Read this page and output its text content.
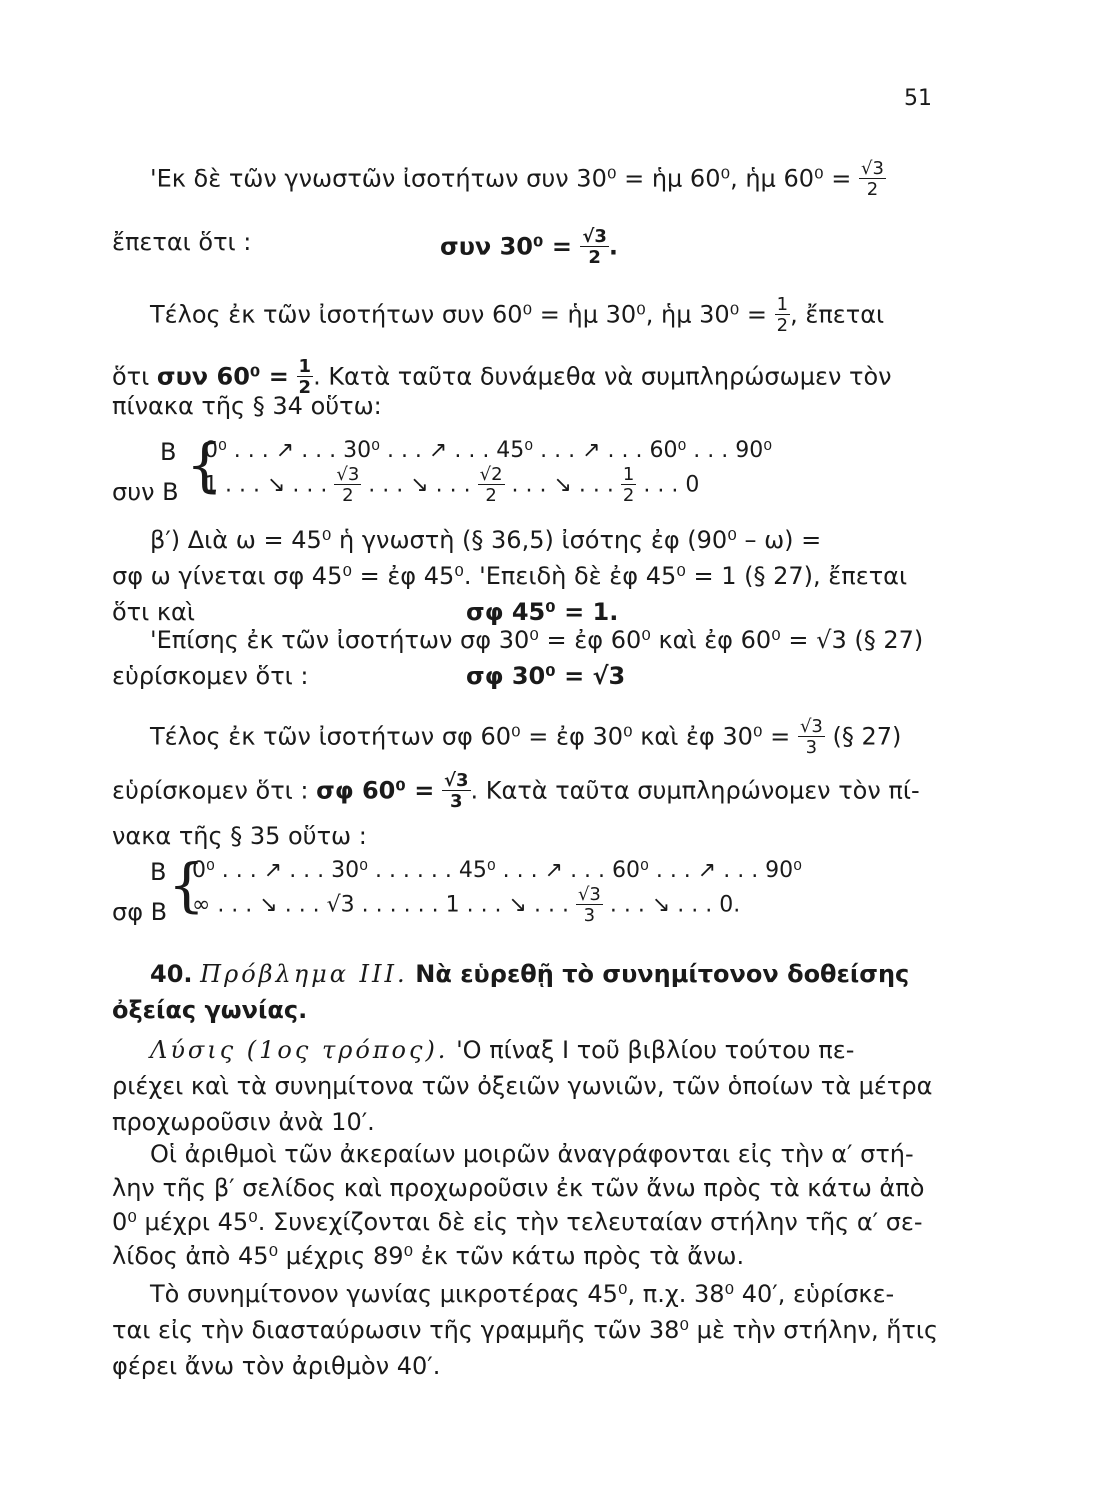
51
'Εκ δὲ τῶν γνωστῶν ἰσοτήτων συν 30⁰ = ἡμ 60⁰, ἡμ $60^0 = \frac{√3}{2}$
ἔπεται ὅτι :	συν $30^0 = \frac{√3}{2}$ .
Τέλος ἐκ τῶν ἰσοτήτων συν 60⁰ = ἡμ 30⁰, ἡμ $30^0 = \frac{1}{2}$ , ἔπεται
ὅτι συν $60^0 = \frac{1}{2}$ . Κατὰ ταῦτα δυνάμεθα νὰ συμπληρώσωμεν τὸν
πίνακα τῆς § 34 οὕτω:
{
B 0⁰ . . . ↗ . . . 30⁰ . . . ↗ . . . 45⁰ . . . ↗ . . . 60⁰ . . . 90⁰
συν B 1 . . . ↘ . . . $\frac{√3}{2}$ . . . ↘ . . . $\frac{√2}{2}$ . . . ↘ . . . $\frac{1}{2}$ . . . 0
β′) Διὰ ω = 45⁰ ἡ γνωστὴ (§ 36,5) ἰσότης ἐφ (90⁰ – ω) =
σφ ω γίνεται σφ 45⁰ = ἐφ 45⁰. 'Επειδὴ δὲ ἐφ 45⁰ = 1 (§ 27), ἔπεται
ὅτι καὶ	σφ 45⁰ = 1.
'Επίσης ἐκ τῶν ἰσοτήτων σφ 30⁰ = ἐφ 60⁰ καὶ ἐφ 60⁰ = √3 (§ 27)
εὑρίσκομεν ὅτι :	σφ 30⁰ = √3
Τέλος ἐκ τῶν ἰσοτήτων σφ 60⁰ = ἐφ 30⁰ καὶ ἐφ $30^0 = \frac{√3}{3}$ (§ 27)
εὑρίσκομεν ὅτι : σφ $60^0 = \frac{√3}{3}$ . Κατὰ ταῦτα συμπληρώνομεν τὸν πί-
νακα τῆς § 35 οὕτω :
{
B 0⁰ . . . ↗ . . . 30⁰ . . . . . . 45⁰ . . . ↗ . . . 60⁰ . . . ↗ . . . 90⁰
σφ B ∞ . . . ↘ . . . √3 . . . . . . 1 . . . ↘ . . . $\frac{√3}{3}$ . . . ↘ . . . 0.
40. Πρόβλημα III. Νὰ εὑρεθῇ τὸ συνημίτονον δοθείσης
ὀξείας γωνίας.
Λύσις (1ος τρόπος). 'Ο πίναξ I τοῦ βιβλίου τούτου πε-
ριέχει καὶ τὰ συνημίτονα τῶν ὀξειῶν γωνιῶν, τῶν ὁποίων τὰ μέτρα
προχωροῦσιν ἀνὰ 10′.
Οἱ ἀριθμοὶ τῶν ἀκεραίων μοιρῶν ἀναγράφονται εἰς τὴν α′ στή-
λην τῆς β′ σελίδος καὶ προχωροῦσιν ἐκ τῶν ἄνω πρὸς τὰ κάτω ἀπὸ
0⁰ μέχρι 45⁰. Συνεχίζονται δὲ εἰς τὴν τελευταίαν στήλην τῆς α′ σε-
λίδος ἀπὸ 45⁰ μέχρις 89⁰ ἐκ τῶν κάτω πρὸς τὰ ἄνω.
Τὸ συνημίτονον γωνίας μικροτέρας 45⁰, π.χ. 38⁰ 40′, εὑρίσκε-
ται εἰς τὴν διασταύρωσιν τῆς γραμμῆς τῶν 38⁰ μὲ τὴν στήλην, ἥτις
φέρει ἄνω τὸν ἀριθμὸν 40′.
